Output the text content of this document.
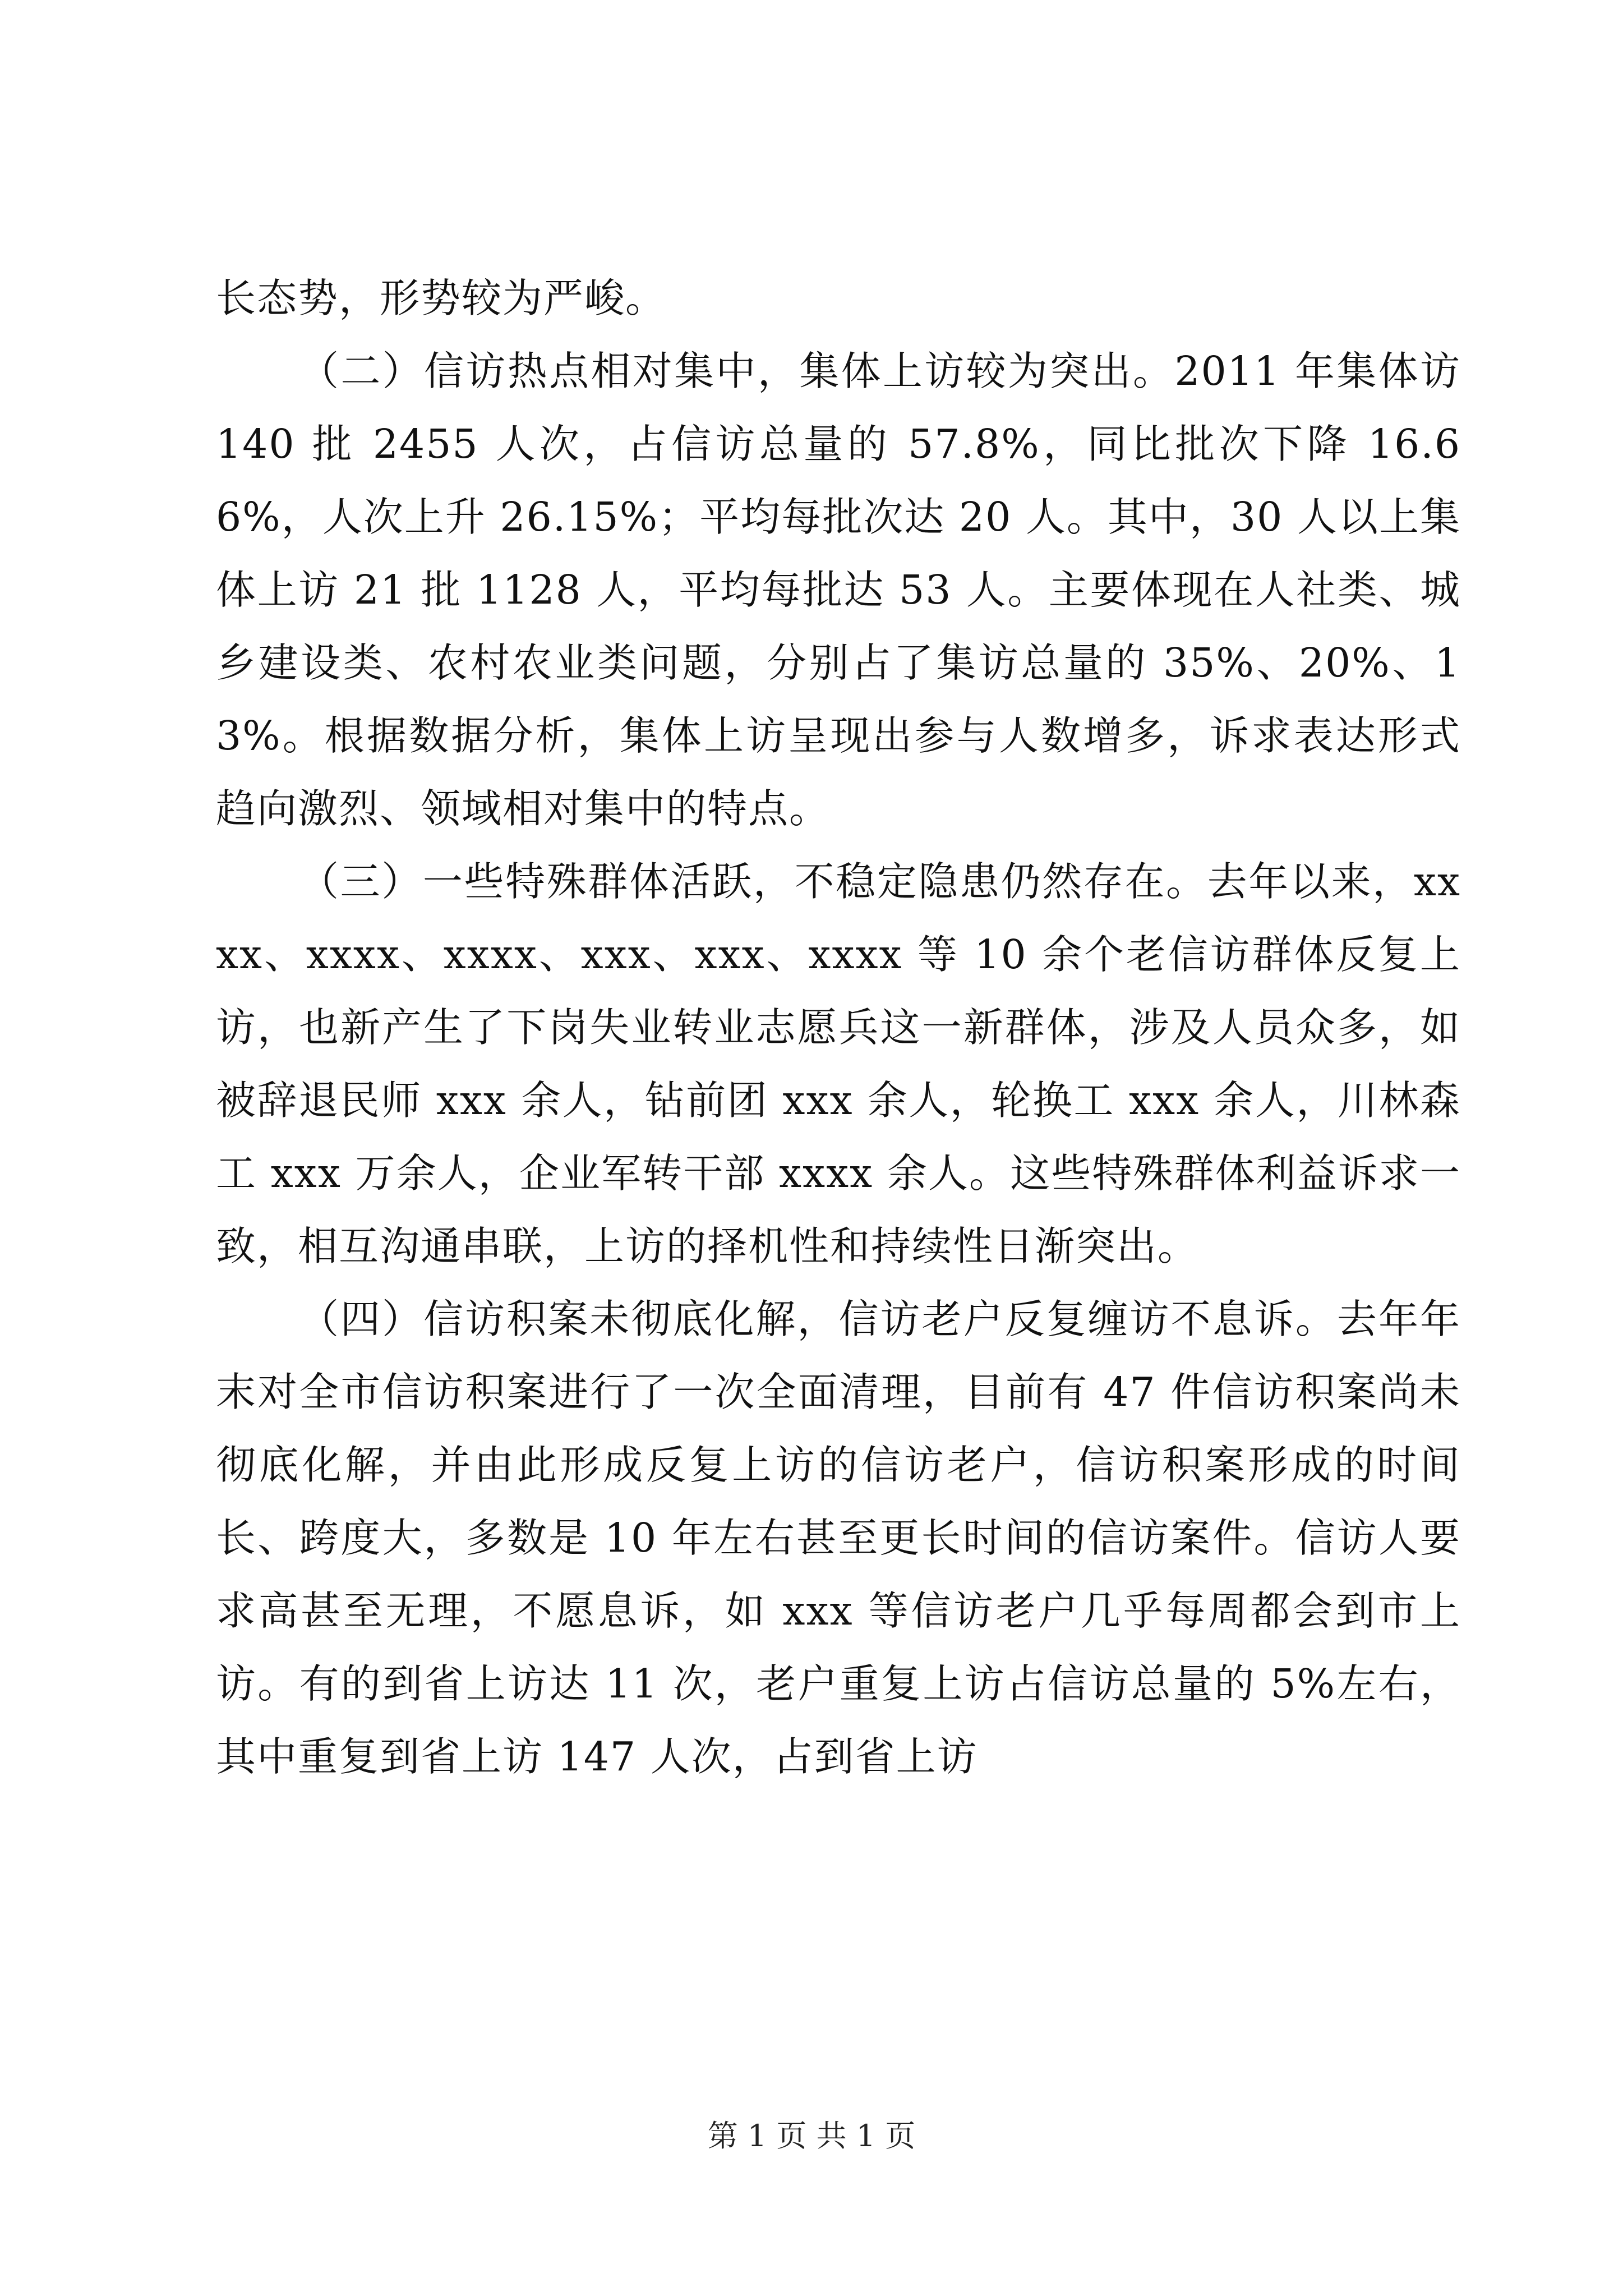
长态势，形势较为严峻。

（二）信访热点相对集中，集体上访较为突出。2011 年集体访 140 批 2455 人次，占信访总量的 57.8%，同比批次下降 16.66%，人次上升 26.15%；平均每批次达 20 人。其中，30 人以上集体上访 21 批 1128 人，平均每批达 53 人。主要体现在人社类、城乡建设类、农村农业类问题，分别占了集访总量的 35%、20%、13%。根据数据分析，集体上访呈现出参与人数增多，诉求表达形式趋向激烈、领域相对集中的特点。

（三）一些特殊群体活跃，不稳定隐患仍然存在。去年以来，xxxx、xxxx、xxxx、xxx、xxx、xxxx 等 10 余个老信访群体反复上访，也新产生了下岗失业转业志愿兵这一新群体，涉及人员众多，如被辞退民师 xxx 余人，钻前团 xxx 余人，轮换工 xxx 余人，川林森工 xxx 万余人，企业军转干部 xxxx 余人。这些特殊群体利益诉求一致，相互沟通串联，上访的择机性和持续性日渐突出。

（四）信访积案未彻底化解，信访老户反复缠访不息诉。去年年末对全市信访积案进行了一次全面清理，目前有 47 件信访积案尚未彻底化解，并由此形成反复上访的信访老户，信访积案形成的时间长、跨度大，多数是 10 年左右甚至更长时间的信访案件。信访人要求高甚至无理，不愿息诉，如 xxx 等信访老户几乎每周都会到市上访。有的到省上访达 11 次，老户重复上访占信访总量的 5%左右，其中重复到省上访 147 人次，占到省上访

第 1 页 共 1 页
